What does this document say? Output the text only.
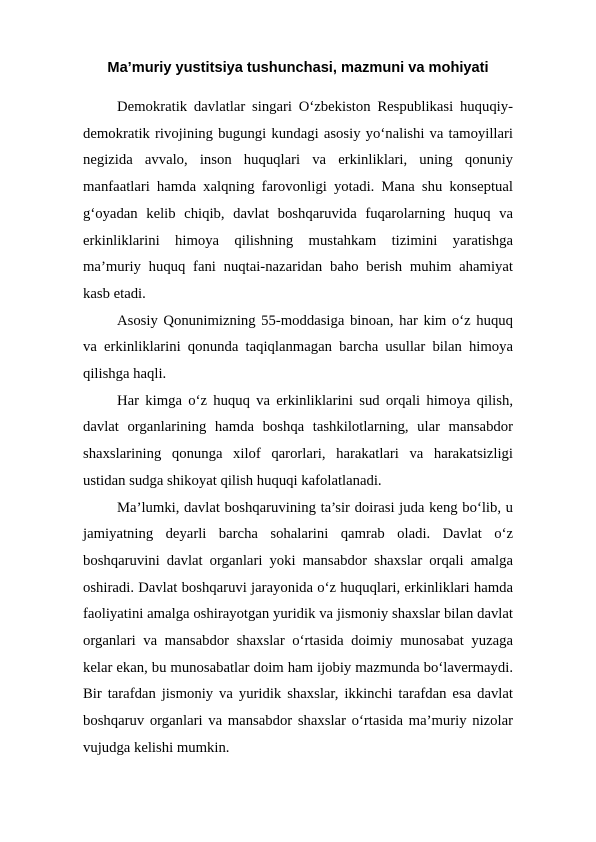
Ma’muriy yustitsiya tushunchasi, mazmuni va mohiyati

Demokratik davlatlar singari O‘zbekiston Respublikasi huquqiy-demokratik rivojining bugungi kundagi asosiy yo‘nalishi va tamoyillari negizida avvalo, inson huquqlari va erkinliklari, uning qonuniy manfaatlari hamda xalqning farovonligi yotadi. Mana shu konseptual g‘oyadan kelib chiqib, davlat boshqaruvida fuqarolarning huquq va erkinliklarini himoya qilishning mustahkam tizimini yaratishga ma’muriy huquq fani nuqtai-nazaridan baho berish muhim ahamiyat kasb etadi.

Asosiy Qonunimizning 55-moddasiga binoan, har kim o‘z huquq va erkinliklarini qonunda taqiqlanmagan barcha usullar bilan himoya qilishga haqli.

Har kimga o‘z huquq va erkinliklarini sud orqali himoya qilish, davlat organlarining hamda boshqa tashkilotlarning, ular mansabdor shaxslarining qonunga xilof qarorlari, harakatlari va harakatsizligi ustidan sudga shikoyat qilish huquqi kafolatlanadi.

Ma’lumki, davlat boshqaruvining ta’sir doirasi juda keng bo‘lib, u jamiyatning deyarli barcha sohalarini qamrab oladi. Davlat o‘z boshqaruvini davlat organlari yoki mansabdor shaxslar orqali amalga oshiradi. Davlat boshqaruvi jarayonida o‘z huquqlari, erkinliklari hamda faoliyatini amalga oshirayotgan yuridik va jismoniy shaxslar bilan davlat organlari va mansabdor shaxslar o‘rtasida doimiy munosabat yuzaga kelar ekan, bu munosabatlar doim ham ijobiy mazmunda bo‘lavermaydi. Bir tarafdan jismoniy va yuridik shaxslar, ikkinchi tarafdan esa davlat boshqaruv organlari va mansabdor shaxslar o‘rtasida ma’muriy nizolar vujudga kelishi mumkin.
